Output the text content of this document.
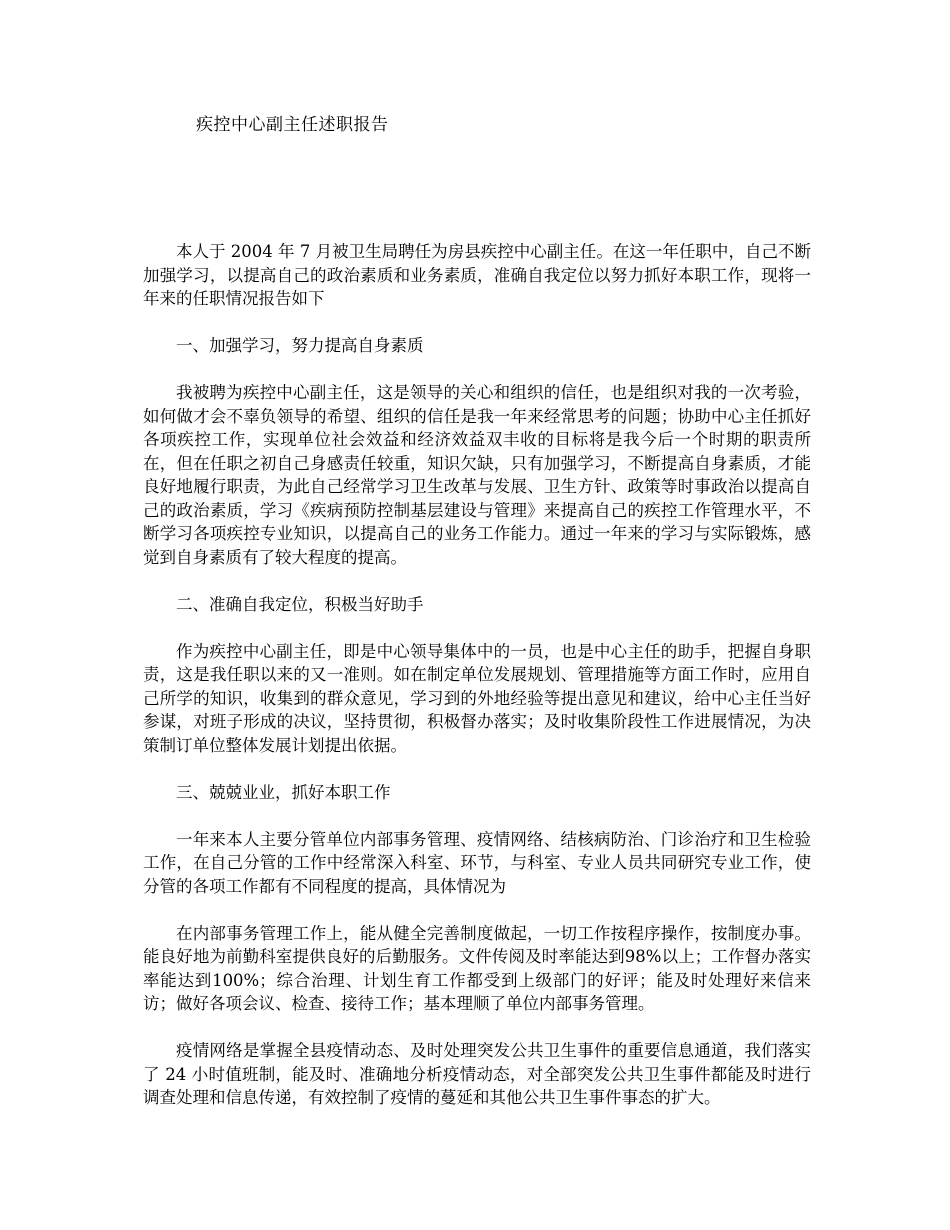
疾控中心副主任述职报告

本人于 2004 年 7 月被卫生局聘任为房县疾控中心副主任。在这一年任职中，自己不断加强学习，以提高自己的政治素质和业务素质，准确自我定位以努力抓好本职工作，现将一年来的任职情况报告如下

一、加强学习，努力提高自身素质

我被聘为疾控中心副主任，这是领导的关心和组织的信任，也是组织对我的一次考验，如何做才会不辜负领导的希望、组织的信任是我一年来经常思考的问题；协助中心主任抓好各项疾控工作，实现单位社会效益和经济效益双丰收的目标将是我今后一个时期的职责所在，但在任职之初自己身感责任较重，知识欠缺，只有加强学习，不断提高自身素质，才能良好地履行职责，为此自己经常学习卫生改革与发展、卫生方针、政策等时事政治以提高自己的政治素质，学习《疾病预防控制基层建设与管理》来提高自己的疾控工作管理水平，不断学习各项疾控专业知识，以提高自己的业务工作能力。通过一年来的学习与实际锻炼，感觉到自身素质有了较大程度的提高。

二、准确自我定位，积极当好助手

作为疾控中心副主任，即是中心领导集体中的一员，也是中心主任的助手，把握自身职责，这是我任职以来的又一准则。如在制定单位发展规划、管理措施等方面工作时，应用自己所学的知识，收集到的群众意见，学习到的外地经验等提出意见和建议，给中心主任当好参谋，对班子形成的决议，坚持贯彻，积极督办落实；及时收集阶段性工作进展情况，为决策制订单位整体发展计划提出依据。

三、兢兢业业，抓好本职工作

一年来本人主要分管单位内部事务管理、疫情网络、结核病防治、门诊治疗和卫生检验工作，在自己分管的工作中经常深入科室、环节，与科室、专业人员共同研究专业工作，使分管的各项工作都有不同程度的提高，具体情况为

在内部事务管理工作上，能从健全完善制度做起，一切工作按程序操作，按制度办事。能良好地为前勤科室提供良好的后勤服务。文件传阅及时率能达到98%以上；工作督办落实率能达到100%；综合治理、计划生育工作都受到上级部门的好评；能及时处理好来信来访；做好各项会议、检查、接待工作；基本理顺了单位内部事务管理。

疫情网络是掌握全县疫情动态、及时处理突发公共卫生事件的重要信息通道，我们落实了 24 小时值班制，能及时、准确地分析疫情动态，对全部突发公共卫生事件都能及时进行调查处理和信息传递，有效控制了疫情的蔓延和其他公共卫生事件事态的扩大。
